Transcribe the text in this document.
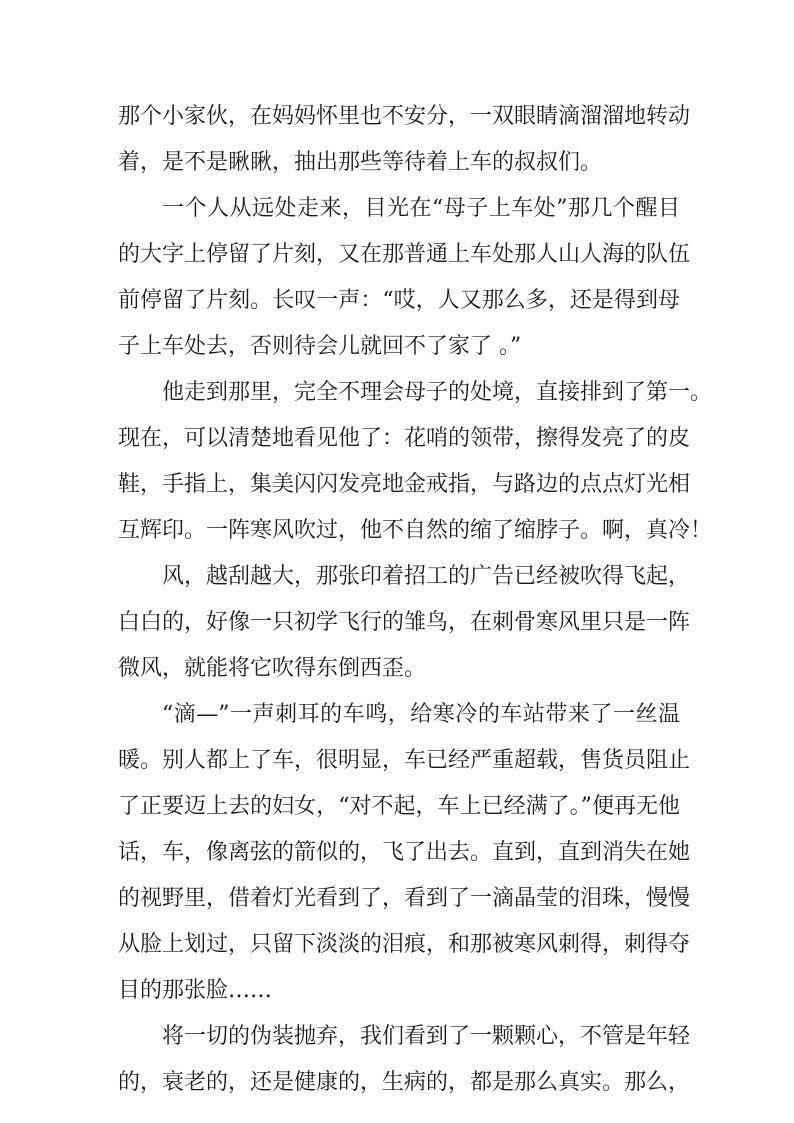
那个小家伙，在妈妈怀里也不安分，一双眼睛滴溜溜地转动
着，是不是瞅瞅，抽出那些等待着上车的叔叔们。
一个人从远处走来，目光在“母子上车处”那几个醒目
的大字上停留了片刻，又在那普通上车处那人山人海的队伍
前停留了片刻。长叹一声：“哎，人又那么多，还是得到母
子上车处去，否则待会儿就回不了家了 。”
他走到那里，完全不理会母子的处境，直接排到了第一。
现在，可以清楚地看见他了：花哨的领带，擦得发亮了的皮
鞋，手指上，集美闪闪发亮地金戒指，与路边的点点灯光相
互辉印。一阵寒风吹过，他不自然的缩了缩脖子。啊，真冷！
风，越刮越大，那张印着招工的广告已经被吹得飞起，
白白的，好像一只初学飞行的雏鸟，在刺骨寒风里只是一阵
微风，就能将它吹得东倒西歪。
“滴—”一声刺耳的车鸣，给寒冷的车站带来了一丝温
暖。别人都上了车，很明显，车已经严重超载，售货员阻止
了正要迈上去的妇女，“对不起，车上已经满了。”便再无他
话，车，像离弦的箭似的，飞了出去。直到，直到消失在她
的视野里，借着灯光看到了，看到了一滴晶莹的泪珠，慢慢
从脸上划过，只留下淡淡的泪痕，和那被寒风刺得，刺得夺
目的那张脸……
将一切的伪装抛弃，我们看到了一颗颗心，不管是年轻
的，衰老的，还是健康的，生病的，都是那么真实。那么，
